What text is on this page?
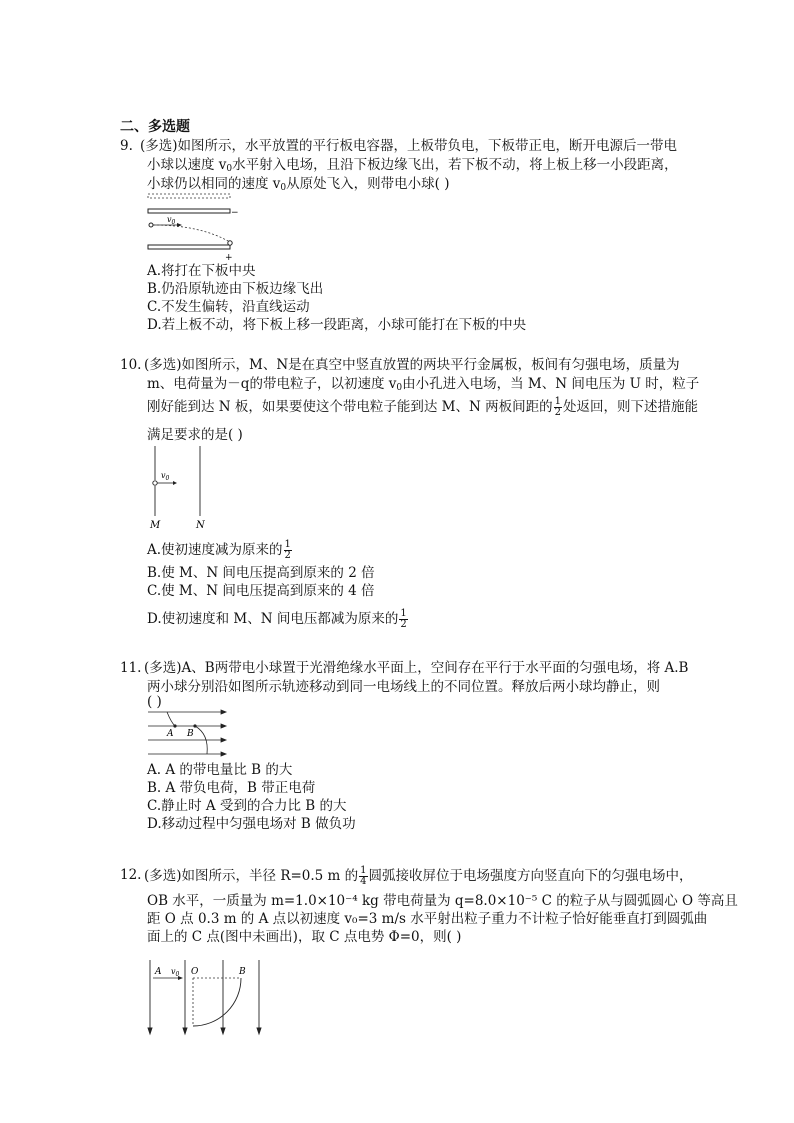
二、多选题
9. (多选)如图所示，水平放置的平行板电容器，上板带负电，下板带正电，断开电源后一带电
小球以速度 $v_0$水平射入电场，且沿下板边缘飞出，若下板不动，将上板上移一小段距离，
小球仍以相同的速度 $v_0$从原处飞入，则带电小球( )
−
$v_0$
+
A.将打在下板中央
B.仍沿原轨迹由下板边缘飞出
C.不发生偏转，沿直线运动
D.若上板不动，将下板上移一段距离，小球可能打在下板的中央
10. (多选)如图所示，M、N是在真空中竖直放置的两块平行金属板，板间有匀强电场，质量为
m、电荷量为－q的带电粒子，以初速度 $v_0$由小孔进入电场，当 M、N 间电压为 U 时，粒子
刚好能到达 N 板，如果要使这个带电粒子能到达 M、N 两板间距的 $\frac{1}{2}$ 处返回，则下述措施能
满足要求的是( )
$v_0$
M	N
A.使初速度减为原来的 $\frac{1}{2}$
B.使 M、N 间电压提高到原来的 2 倍
C.使 M、N 间电压提高到原来的 4 倍
D.使初速度和 M、N 间电压都减为原来的 $\frac{1}{2}$
11. (多选)A、B两带电小球置于光滑绝缘水平面上，空间存在平行于水平面的匀强电场，将 A.B
两小球分别沿如图所示轨迹移动到同一电场线上的不同位置。释放后两小球均静止，则
( )
A B
A. A 的带电量比 B 的大
B. A 带负电荷，B 带正电荷
C.静止时 A 受到的合力比 B 的大
D.移动过程中匀强电场对 B 做负功
12. (多选)如图所示，半径 R=0.5 m 的 $\frac{1}{4}$ 圆弧接收屏位于电场强度方向竖直向下的匀强电场中，
OB 水平，一质量为 m=1.0×10⁻⁴ kg 带电荷量为 q=8.0×10⁻⁵ C 的粒子从与圆弧圆心 O 等高且
距 O 点 0.3 m 的 A 点以初速度 v₀=3 m/s 水平射出粒子重力不计粒子恰好能垂直打到圆弧曲
面上的 C 点(图中未画出)，取 C 点电势 Φ=0，则( )
A $v_0$ O	B
